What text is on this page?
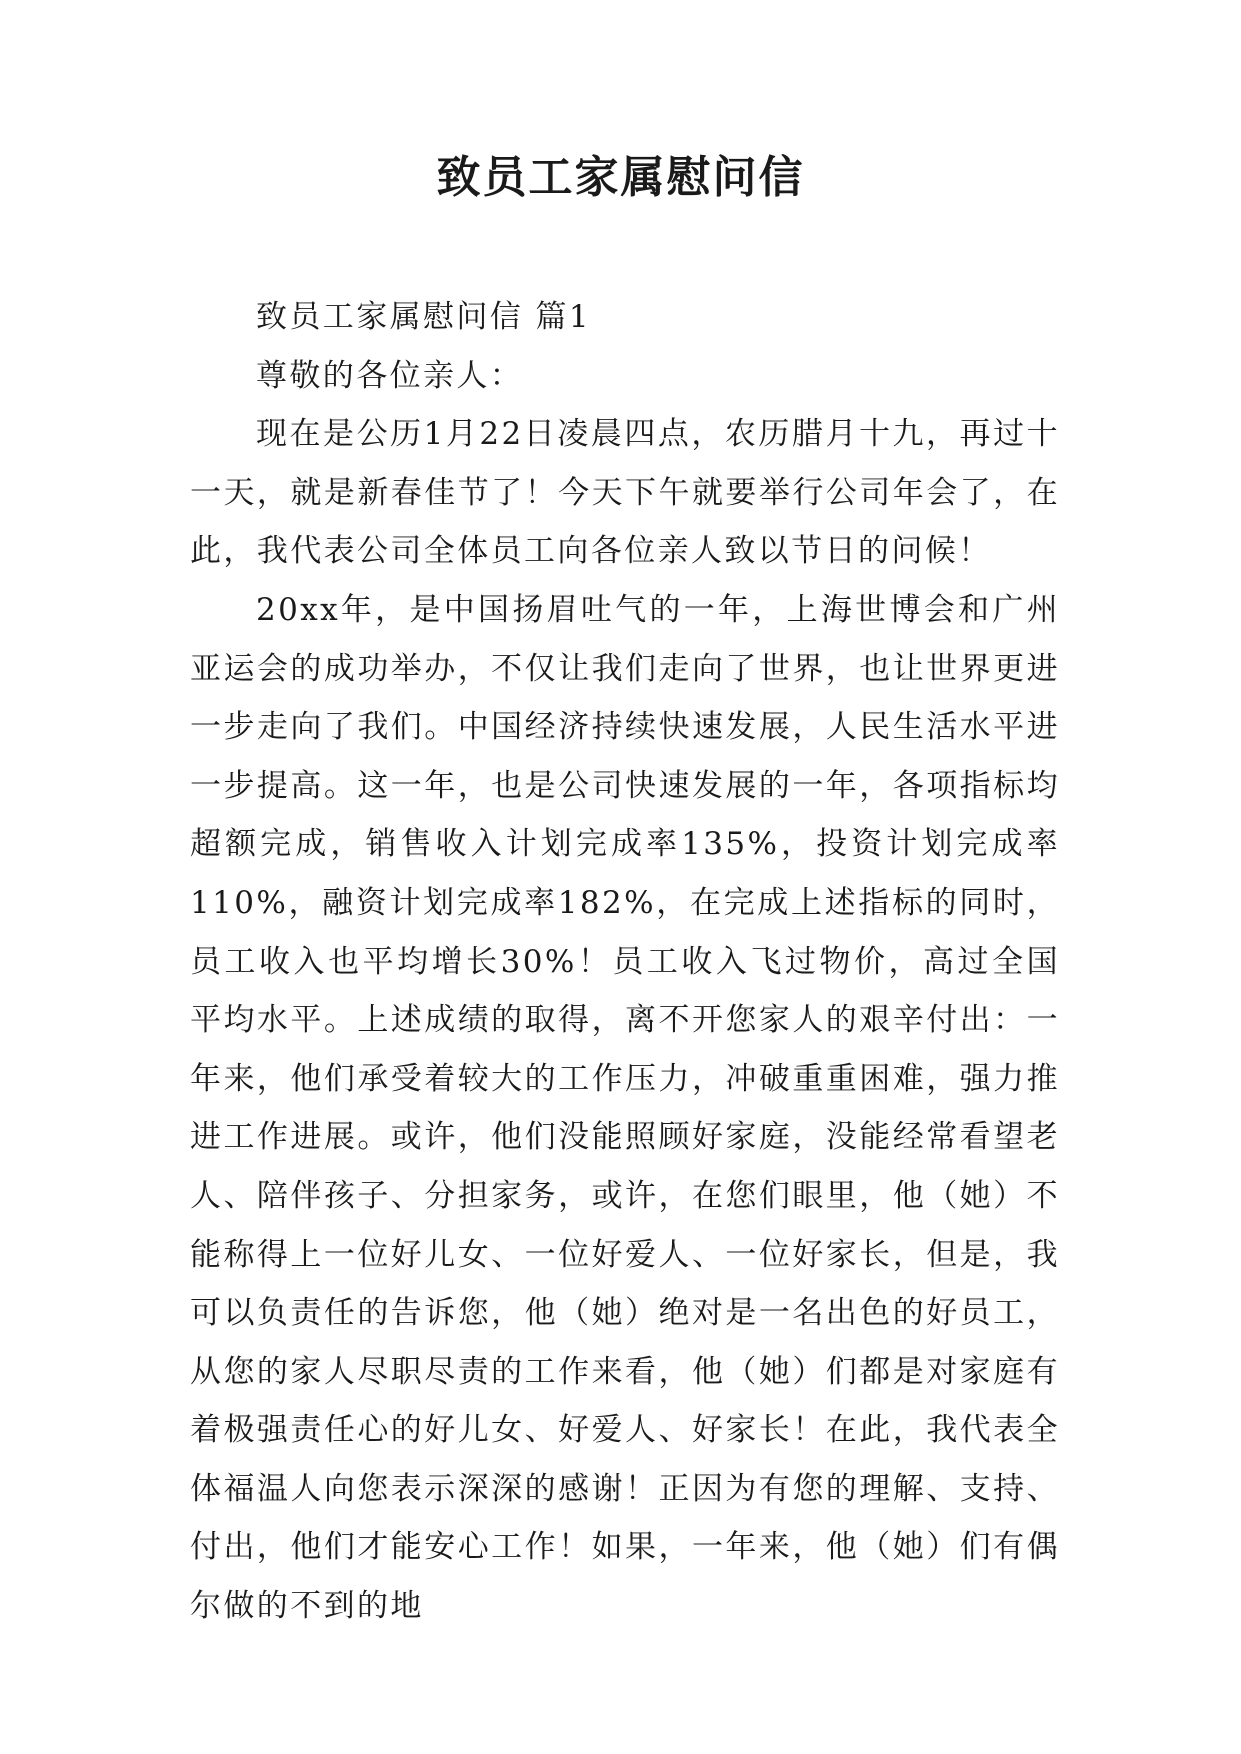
致员工家属慰问信

致员工家属慰问信 篇1

尊敬的各位亲人：

现在是公历1月22日凌晨四点，农历腊月十九，再过十一天，就是新春佳节了！今天下午就要举行公司年会了，在此，我代表公司全体员工向各位亲人致以节日的问候！

20xx年，是中国扬眉吐气的一年，上海世博会和广州亚运会的成功举办，不仅让我们走向了世界，也让世界更进一步走向了我们。中国经济持续快速发展，人民生活水平进一步提高。这一年，也是公司快速发展的一年，各项指标均超额完成，销售收入计划完成率135%，投资计划完成率110%，融资计划完成率182%，在完成上述指标的同时，员工收入也平均增长30%！员工收入飞过物价，高过全国平均水平。上述成绩的取得，离不开您家人的艰辛付出：一年来，他们承受着较大的工作压力，冲破重重困难，强力推进工作进展。或许，他们没能照顾好家庭，没能经常看望老人、陪伴孩子、分担家务，或许，在您们眼里，他（她）不能称得上一位好儿女、一位好爱人、一位好家长，但是，我可以负责任的告诉您，他（她）绝对是一名出色的好员工，从您的家人尽职尽责的工作来看，他（她）们都是对家庭有着极强责任心的好儿女、好爱人、好家长！在此，我代表全体福温人向您表示深深的感谢！正因为有您的理解、支持、付出，他们才能安心工作！如果，一年来，他（她）们有偶尔做的不到的地
